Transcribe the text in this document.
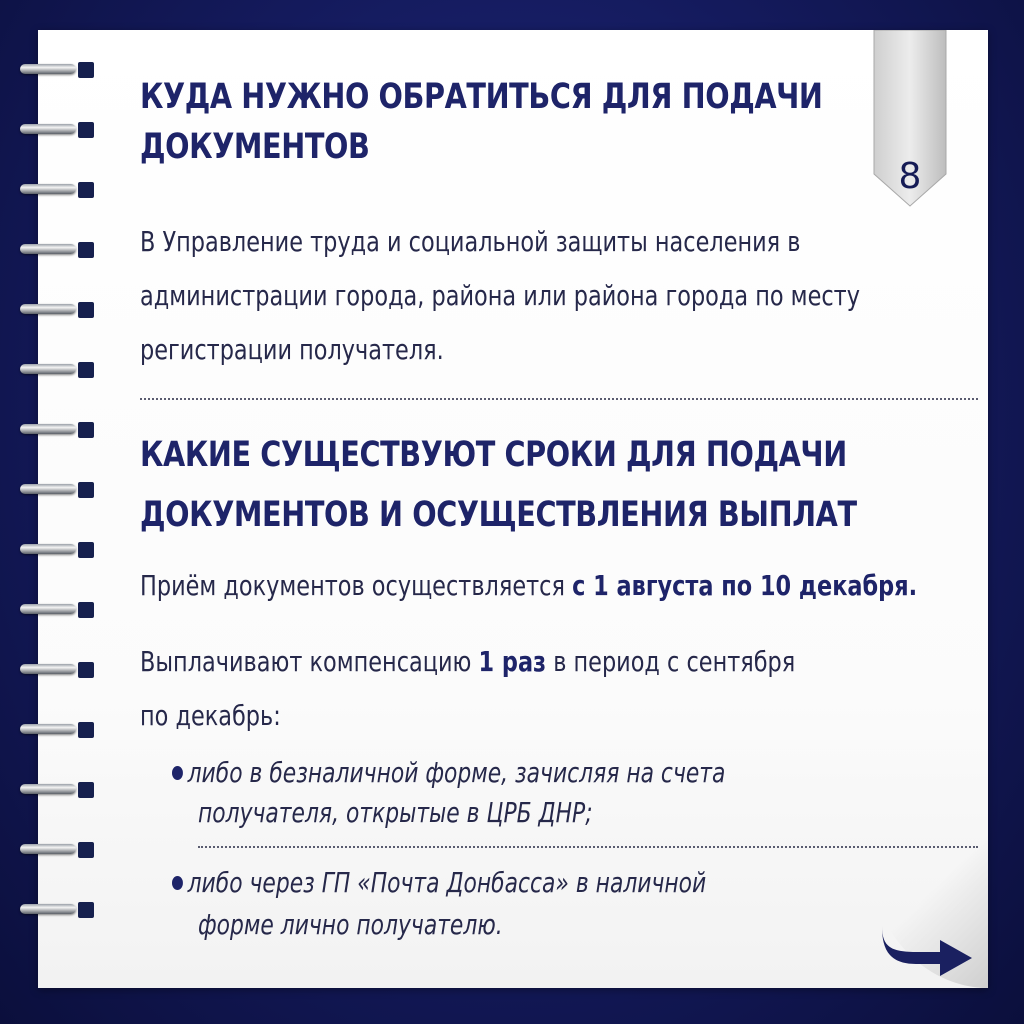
8
КУДА НУЖНО ОБРАТИТЬСЯ ДЛЯ ПОДАЧИ
ДОКУМЕНТОВ

В Управление труда и социальной защиты населения в

администрации города, района или района города по месту

регистрации получателя.

КАКИЕ СУЩЕСТВУЮТ СРОКИ ДЛЯ ПОДАЧИ
ДОКУМЕНТОВ И ОСУЩЕСТВЛЕНИЯ ВЫПЛАТ

Приём документов осуществляется с 1 августа по 10 декабря.

Выплачивают компенсацию 1 раз в период с сентября

по декабрь:

либо в безналичной форме, зачисляя на счета
получателя, открытые в ЦРБ ДНР;
либо через ГП «Почта Донбасса» в наличной
форме лично получателю.
